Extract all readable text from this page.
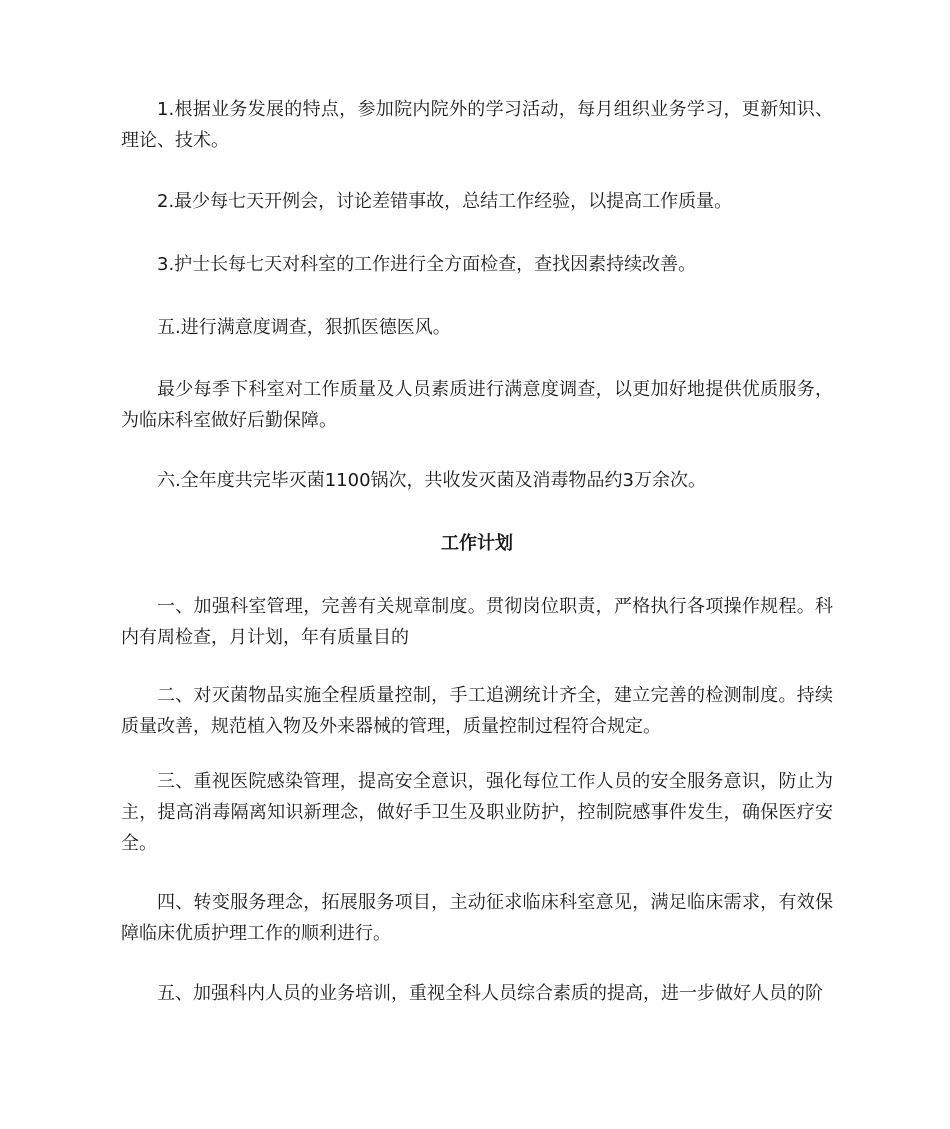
1.根据业务发展的特点，参加院内院外的学习活动，每月组织业务学习，更新知识、理论、技术。

2.最少每七天开例会，讨论差错事故，总结工作经验，以提高工作质量。

3.护士长每七天对科室的工作进行全方面检查，查找因素持续改善。

五.进行满意度调查，狠抓医德医风。

最少每季下科室对工作质量及人员素质进行满意度调查，以更加好地提供优质服务，为临床科室做好后勤保障。

六.全年度共完毕灭菌1100锅次，共收发灭菌及消毒物品约3万余次。

工作计划

一、加强科室管理，完善有关规章制度。贯彻岗位职责，严格执行各项操作规程。科内有周检查，月计划，年有质量目的

二、对灭菌物品实施全程质量控制，手工追溯统计齐全，建立完善的检测制度。持续质量改善，规范植入物及外来器械的管理，质量控制过程符合规定。

三、重视医院感染管理，提高安全意识，强化每位工作人员的安全服务意识，防止为主，提高消毒隔离知识新理念，做好手卫生及职业防护，控制院感事件发生，确保医疗安全。

四、转变服务理念，拓展服务项目，主动征求临床科室意见，满足临床需求，有效保障临床优质护理工作的顺利进行。

五、加强科内人员的业务培训，重视全科人员综合素质的提高，进一步做好人员的阶
